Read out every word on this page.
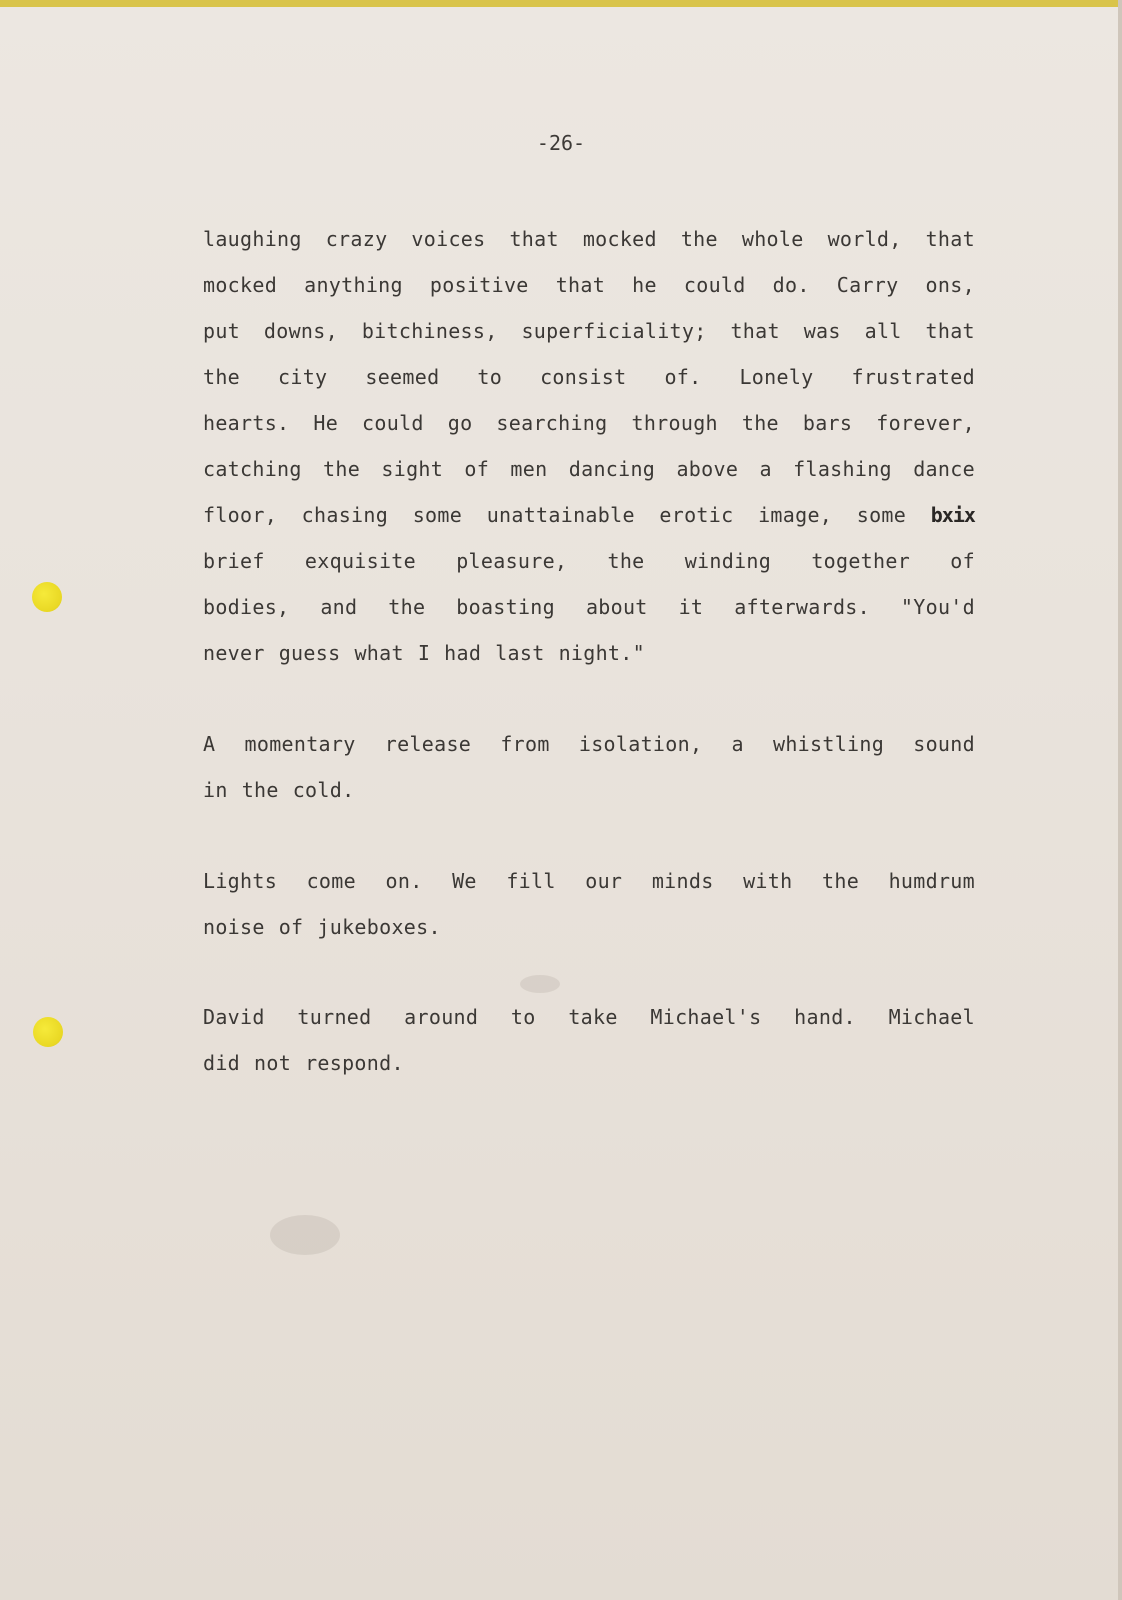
-26-
laughing crazy voices that mocked the whole world, that
mocked anything positive that he could do. Carry ons,
put downs, bitchiness, superficiality; that was all that
the city seemed to consist of. Lonely frustrated
hearts. He could go searching through the bars forever,
catching the sight of men dancing above a flashing dance
floor, chasing some unattainable erotic image, some bxix
brief exquisite pleasure, the winding together of
bodies, and the boasting about it afterwards. "You'd
never guess what I had last night."
A momentary release from isolation, a whistling sound
in the cold.
Lights come on. We fill our minds with the humdrum
noise of jukeboxes.
David turned around to take Michael's hand. Michael
did not respond.
